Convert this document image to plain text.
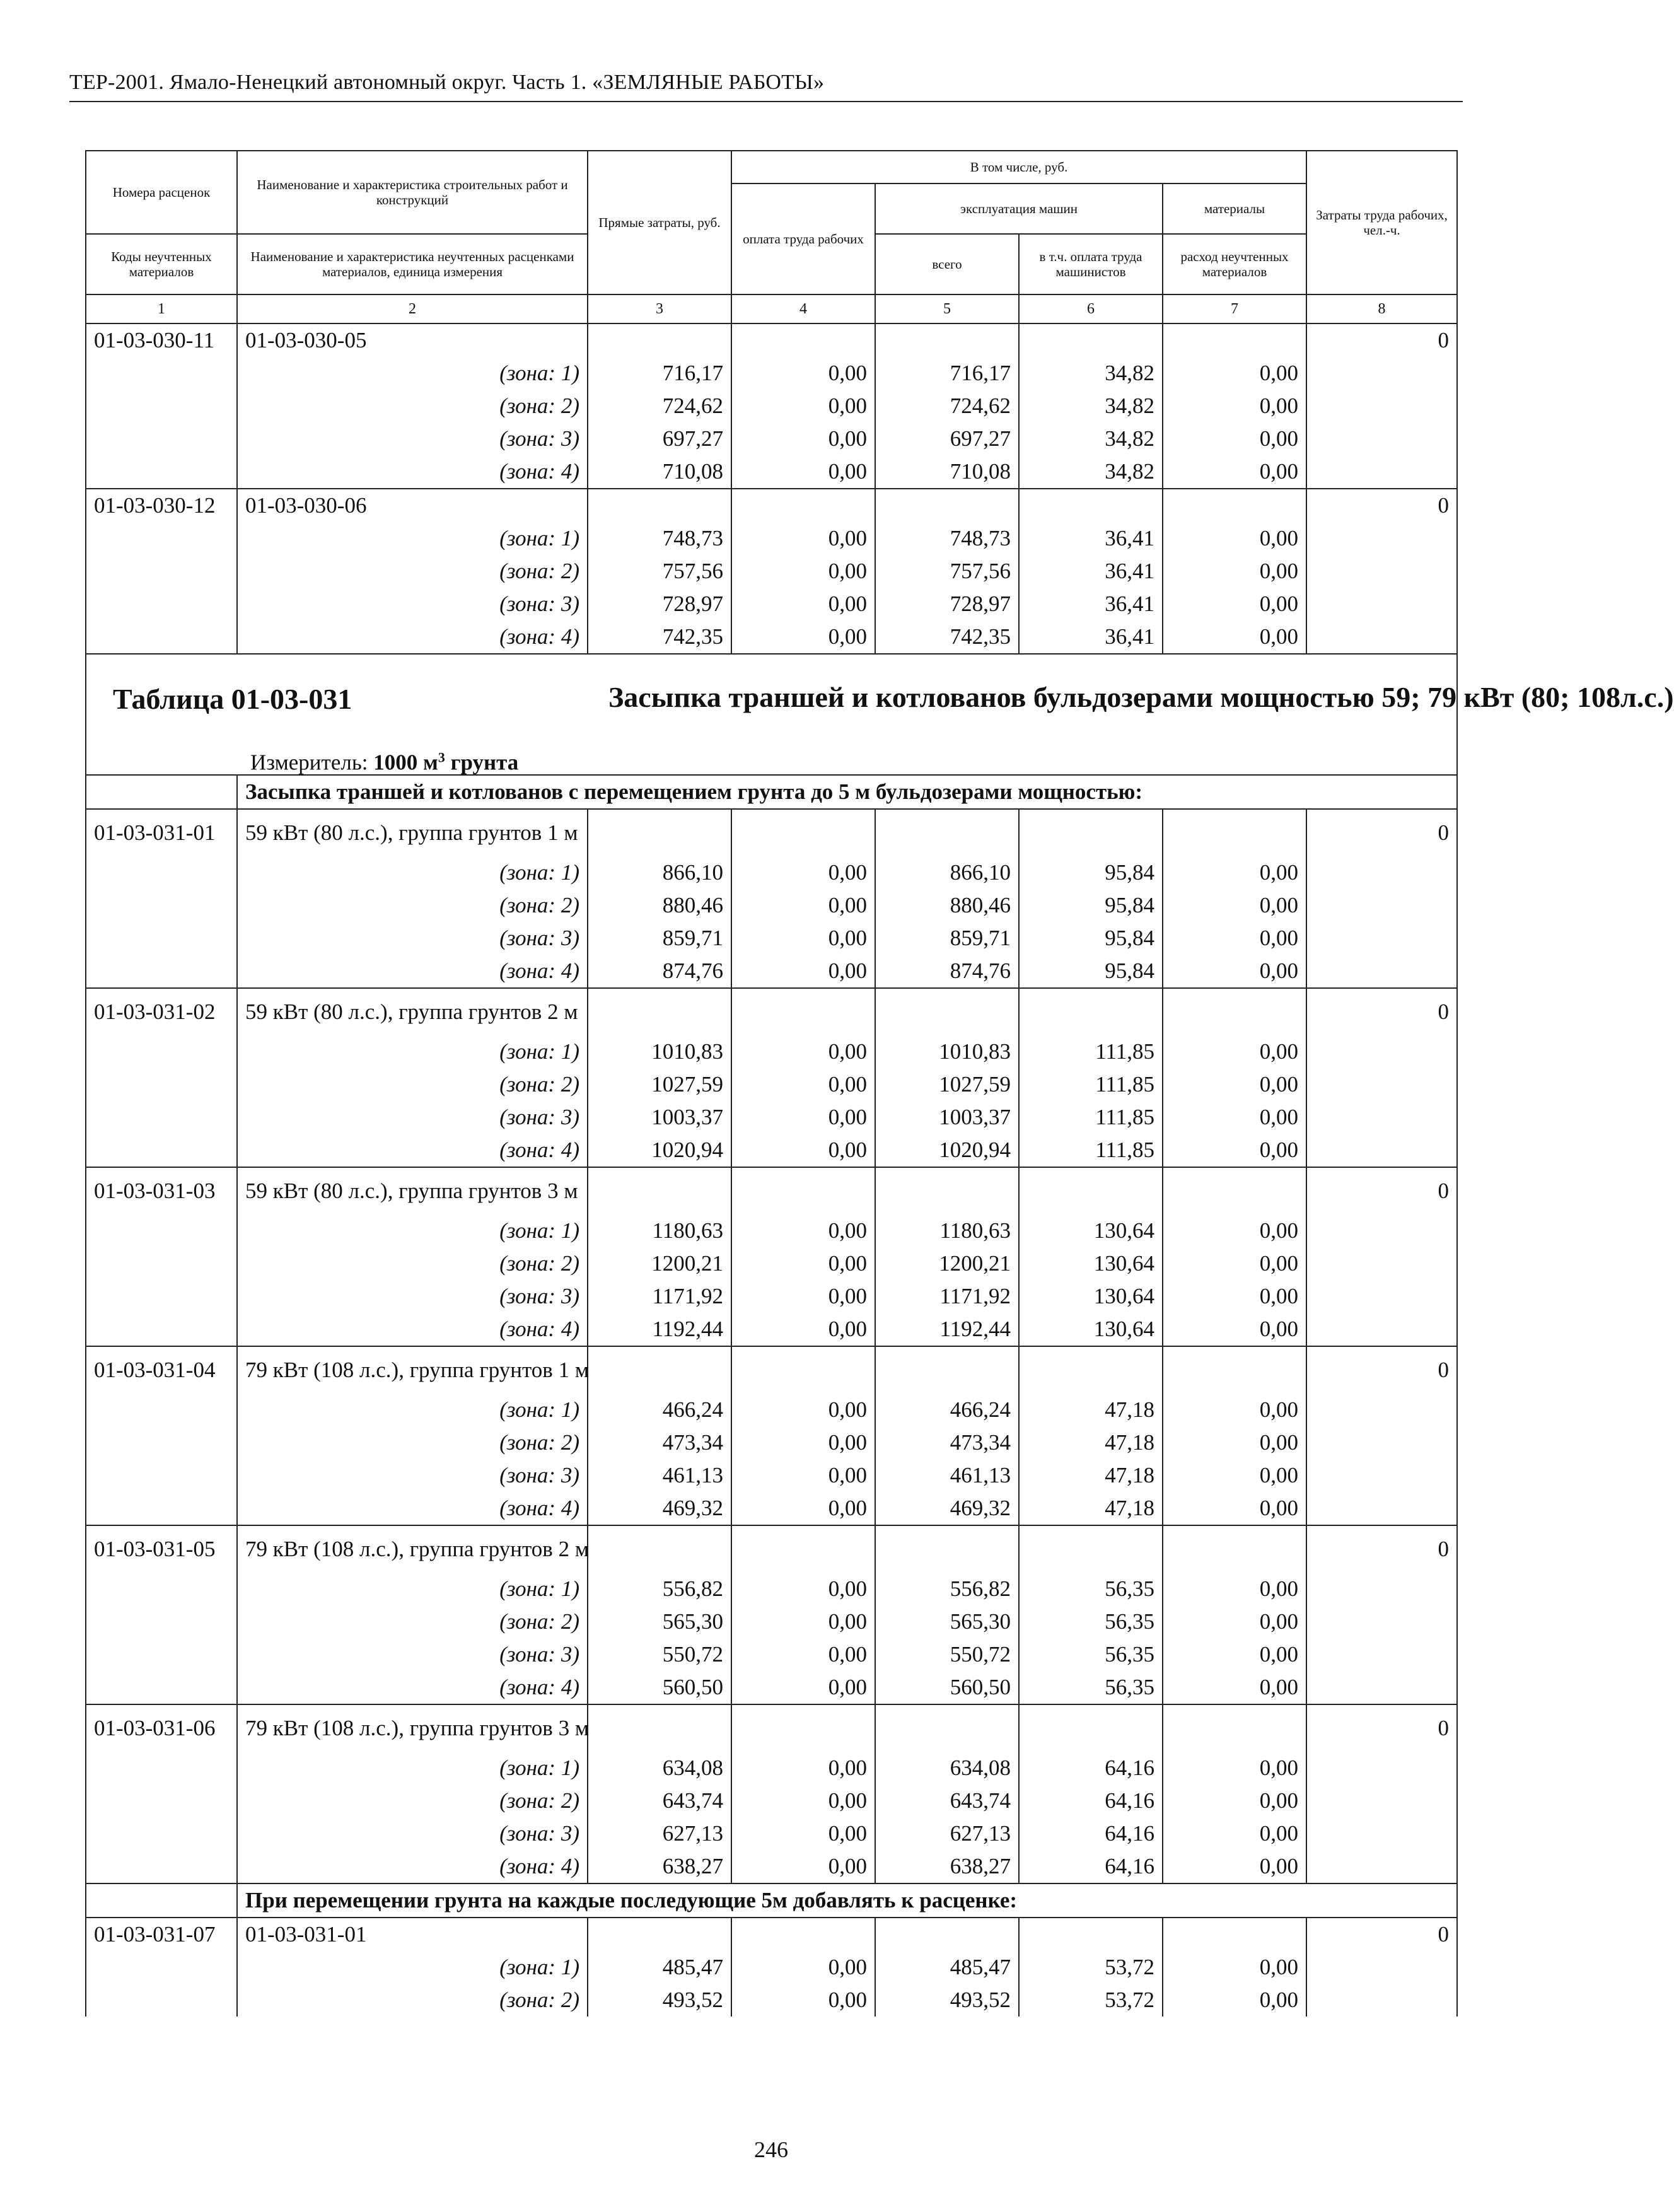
ТЕР-2001. Ямало-Ненецкий автономный округ. Часть 1. «ЗЕМЛЯНЫЕ РАБОТЫ»
Номера расценок	Наименование и характеристика строительных работ и конструкций	Прямые затраты, руб.	В том числе, руб.				Затраты труда рабочих, чел.-ч.
			оплата труда рабочих	эксплуатация машин		материалы	
				всего	в т.ч. оплата труда машинистов	расход неучтенных материалов	
Коды неучтенных материалов	Наименование и характеристика неучтенных расценками материалов, единица измерения						
1	2	3	4	5	6	7	8
01-03-030-11	01-03-030-05						0
	(зона: 1)	716,17	0,00	716,17	34,82	0,00	
	(зона: 2)	724,62	0,00	724,62	34,82	0,00	
	(зона: 3)	697,27	0,00	697,27	34,82	0,00	
	(зона: 4)	710,08	0,00	710,08	34,82	0,00	
01-03-030-12	01-03-030-06						0
	(зона: 1)	748,73	0,00	748,73	36,41	0,00	
	(зона: 2)	757,56	0,00	757,56	36,41	0,00	
	(зона: 3)	728,97	0,00	728,97	36,41	0,00	
	(зона: 4)	742,35	0,00	742,35	36,41	0,00	

Таблица 01-03-031 Засыпка траншей и котлованов бульдозерами мощностью 59; 79 кВт (80; 108л.с.)
Измеритель: 1000 $м^3$ грунта							

	Засыпка траншей и котлованов с перемещением грунта до 5 м бульдозерами мощностью:						
01-03-031-01	59 кВт (80 л.с.), группа грунтов 1 м						0
	(зона: 1)	866,10	0,00	866,10	95,84	0,00	
	(зона: 2)	880,46	0,00	880,46	95,84	0,00	
	(зона: 3)	859,71	0,00	859,71	95,84	0,00	
	(зона: 4)	874,76	0,00	874,76	95,84	0,00	
01-03-031-02	59 кВт (80 л.с.), группа грунтов 2 м						0
	(зона: 1)	1010,83	0,00	1010,83	111,85	0,00	
	(зона: 2)	1027,59	0,00	1027,59	111,85	0,00	
	(зона: 3)	1003,37	0,00	1003,37	111,85	0,00	
	(зона: 4)	1020,94	0,00	1020,94	111,85	0,00	
01-03-031-03	59 кВт (80 л.с.), группа грунтов 3 м						0
	(зона: 1)	1180,63	0,00	1180,63	130,64	0,00	
	(зона: 2)	1200,21	0,00	1200,21	130,64	0,00	
	(зона: 3)	1171,92	0,00	1171,92	130,64	0,00	
	(зона: 4)	1192,44	0,00	1192,44	130,64	0,00	
01-03-031-04	79 кВт (108 л.с.), группа грунтов 1 м						0
	(зона: 1)	466,24	0,00	466,24	47,18	0,00	
	(зона: 2)	473,34	0,00	473,34	47,18	0,00	
	(зона: 3)	461,13	0,00	461,13	47,18	0,00	
	(зона: 4)	469,32	0,00	469,32	47,18	0,00	
01-03-031-05	79 кВт (108 л.с.), группа грунтов 2 м						0
	(зона: 1)	556,82	0,00	556,82	56,35	0,00	
	(зона: 2)	565,30	0,00	565,30	56,35	0,00	
	(зона: 3)	550,72	0,00	550,72	56,35	0,00	
	(зона: 4)	560,50	0,00	560,50	56,35	0,00	
01-03-031-06	79 кВт (108 л.с.), группа грунтов 3 м						0
	(зона: 1)	634,08	0,00	634,08	64,16	0,00	
	(зона: 2)	643,74	0,00	643,74	64,16	0,00	
	(зона: 3)	627,13	0,00	627,13	64,16	0,00	
	(зона: 4)	638,27	0,00	638,27	64,16	0,00	
	При перемещении грунта на каждые последующие 5м добавлять к расценке:						
01-03-031-07	01-03-031-01						0
	(зона: 1)	485,47	0,00	485,47	53,72	0,00	
	(зона: 2)	493,52	0,00	493,52	53,72	0,00	
246
